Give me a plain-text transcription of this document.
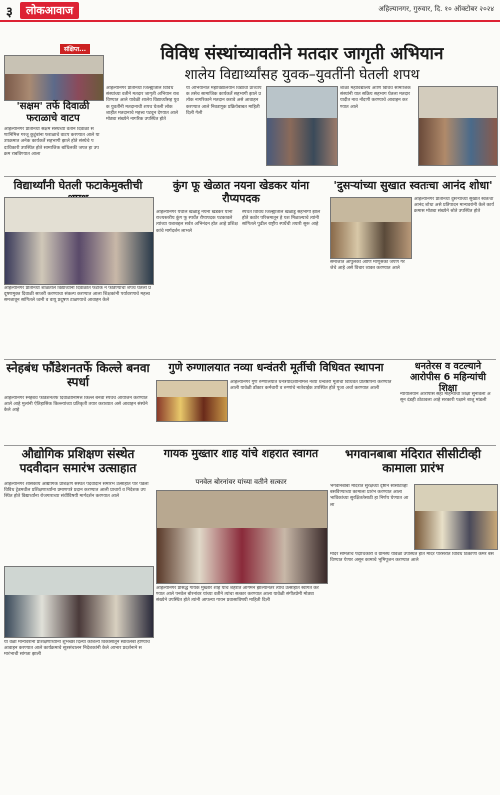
३	लोकआवाज	अहिल्यानगर, गुरुवार, दि. १० ऑक्टोबर २०२४
संक्षिप्त...
'सक्षम' तर्फे दिवाळी फराळाचे वाटप
अहिल्यानगर प्रतिनिधी सक्षम संस्थेच्या वतीने दिवाळी सणानिमित्त गरजू कुटुंबांना फराळाचे वाटप करण्यात आले या उपक्रमात अनेक कार्यकर्ते सहभागी झाले होते संस्थेचे पदाधिकारी उपस्थित होते सामाजिक बांधिलकी जपत हा उपक्रम राबविण्यात आला
विविध संस्थांच्यावतीने मतदार जागृती अभियान
शालेय विद्यार्थ्यांसह युवक–युवतींनी घेतली शपथ
अहिल्यानगर प्रतिनिधी जिल्ह्यातील विविध संस्थांच्या वतीने मतदार जागृती अभियान राबविण्यात आले यावेळी शालेय विद्यार्थ्यांसह युवक युवतींनी मतदानाची शपथ घेतली लोकशाहीत मतदानाचे महत्त्व पटवून देण्यात आले मोठ्या संख्येने नागरिक उपस्थित होते
या अभियानात महाविद्यालयीन विद्यार्थी प्राध्यापक तसेच सामाजिक कार्यकर्ते सहभागी झाले प्रत्येक नागरिकाने मतदान करावे असे आवाहन करण्यात आले निवडणूक प्रक्रियेबाबत माहिती दिली गेली
शाळा महाविद्यालये आणि विविध सामाजिक संस्थांनी यात सक्रिय सहभाग घेतला मतदार यादीत नाव नोंदणी करण्याचे आवाहन करण्यात आले
विद्यार्थ्यांनी घेतली फटाकेमुक्तीची
अहिल्यानगर प्रतिनिधी शाळेतील विद्यार्थ्यांनी दिवाळीत फटाके न फोडण्याची शपथ घेतली प्रदूषणमुक्त दिवाळी साजरी करण्याचा संकल्प करण्यात आला शिक्षकांनी पर्यावरणाचे महत्त्व समजावून सांगितले ध्वनी व वायू प्रदूषण टाळण्याचे आवाहन केले
कुंग फू खेळात नयना खेडकर यांना रौप्यपदक
अहिल्यानगर येथील खेळाडू नयना खेडकर यांनी राज्यस्तरीय कुंग फू स्पर्धेत रौप्यपदक पटकावले त्यांच्या यशाबद्दल सर्वत्र अभिनंदन होत आहे प्रशिक्षकांचे मार्गदर्शन लाभले
स्पर्धेत विविध जिल्ह्यांतील खेळाडू सहभागी झाले होते कठोर परिश्रमातून हे यश मिळाल्याचे त्यांनी सांगितले पुढील राष्ट्रीय स्पर्धेची तयारी सुरू आहे
'दुसऱ्यांच्या सुखात स्वतःचा आनंद शोधा'
अहिल्यानगर प्रतिनिधी दुसऱ्यांच्या सुखात स्वतःचा आनंद शोधा असे प्रतिपादन मान्यवरांनी केले कार्यक्रमास मोठ्या संख्येने श्रोते उपस्थित होते
समाजात आपुलकी आणि माणुसकी जपणे गरजेचे आहे असे विचार व्यक्त करण्यात आले
स्नेहबंध फौंडेशनतर्फे किल्ले बनवा स्पर्धा
अहिल्यानगर स्नेहबंध फौंडेशनतर्फे दिवाळीनिमित्त किल्ले बनवा स्पर्धेचे आयोजन करण्यात आले आहे मुलांनी ऐतिहासिक किल्ल्यांच्या प्रतिकृती तयार कराव्यात असे आवाहन संस्थेने केले आहे
गुणे रुग्णालयात नव्या धन्वंतरी मूर्तीची विधिवत स्थापना
अहिल्यानगर गुणे रुग्णालयात धनत्रयोदशीनिमित्त नव्या धन्वंतरी मूर्तीची विधिवत प्रतिष्ठापना करण्यात आली यावेळी डॉक्टर कर्मचारी व रुग्णांचे नातेवाईक उपस्थित होते पूजा अर्चा करण्यात आली
धनतेरस व वटल्याने आरोपीस 6 महिन्यांची शिक्षा
न्यायालयाने आरोपीस सहा महिन्यांची शिक्षा सुनावली असून दंडही ठोठावला आहे सरकारी पक्षाने बाजू मांडली
औद्योगिक प्रशिक्षण संस्थेत पदवीदान समारंभ उत्साहात
अहिल्यानगर शासकीय औद्योगिक प्रशिक्षण संस्थेत पदवीदान समारंभ उत्साहात पार पडला विविध ट्रेडमधील प्रशिक्षणार्थ्यांना प्रमाणपत्रे प्रदान करण्यात आली प्राचार्य व निदेशक उपस्थित होते विद्यार्थ्यांना रोजगाराच्या संधींविषयी मार्गदर्शन करण्यात आले
या वेळी मान्यवरांनी प्रशिक्षणार्थ्यांना शुभेच्छा दिल्या कौशल्य विकासातून स्वावलंबी होण्याचे आवाहन करण्यात आले कार्यक्रमाचे सूत्रसंचालन निदेशकांनी केले आभार प्रदर्शनाने समारंभाची सांगता झाली
गायक मुख्तार शाह यांचे शहरात स्वागत
पनवेल बोरनांवर यांच्या वतीने सत्कार
अहिल्यानगर प्रसिद्ध गायक मुख्तार शाह यांचे शहरात आगमन झाल्यानंतर त्यांचे उत्साहात स्वागत करण्यात आले पनवेल बोरनांवर यांच्या वतीने त्यांचा सत्कार करण्यात आला यावेळी संगीतप्रेमी मोठ्या संख्येने उपस्थित होते त्यांनी आपल्या गायन प्रवासाविषयी माहिती दिली
भगवानबाबा मंदिरात सीसीटीव्ही कामाला प्रारंभ
भगवानबाबा मंदिरात सुरक्षेच्या दृष्टीने सीसीटीव्ही बसविण्याच्या कामाला प्रारंभ करण्यात आला भाविकांच्या सुरक्षिततेसाठी हा निर्णय घेण्यात आला
मंदिर समितीचे पदाधिकारी व ग्रामस्थ यावेळी उपस्थित होते मंदिर परिसरात विविध ठिकाणी कॅमेरे बसविण्यात येणार असून कामाचे भूमिपूजन करण्यात आले
